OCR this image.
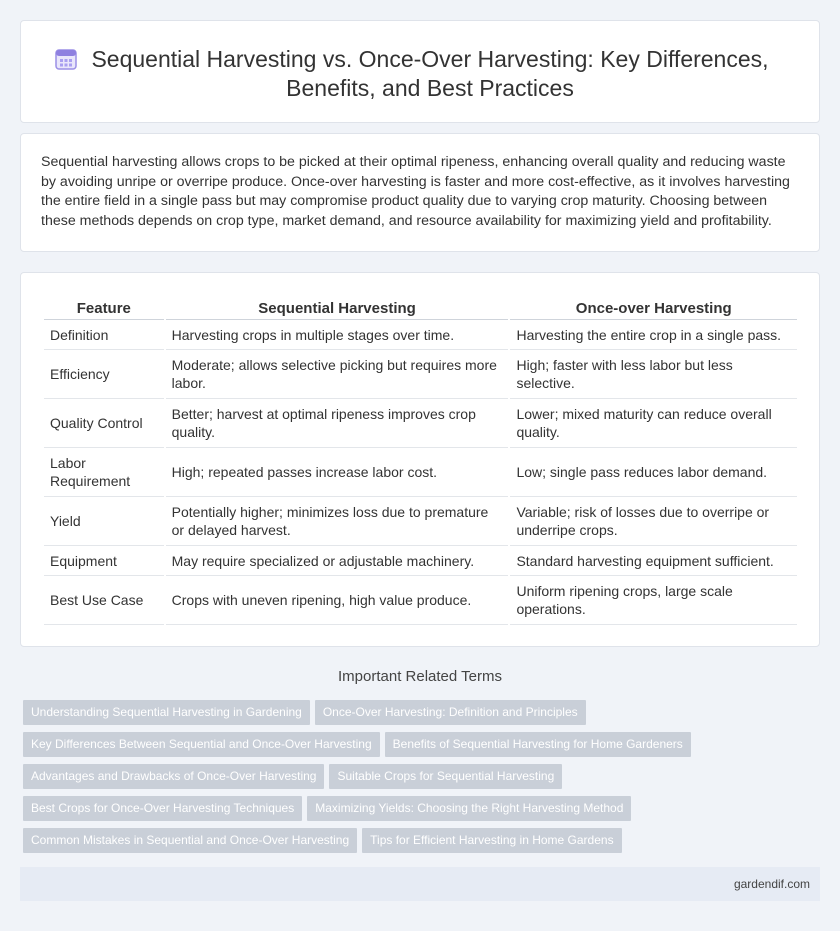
Sequential Harvesting vs. Once-Over Harvesting: Key Differences, Benefits, and Best Practices

Sequential harvesting allows crops to be picked at their optimal ripeness, enhancing overall quality and reducing waste by avoiding unripe or overripe produce. Once-over harvesting is faster and more cost-effective, as it involves harvesting the entire field in a single pass but may compromise product quality due to varying crop maturity. Choosing between these methods depends on crop type, market demand, and resource availability for maximizing yield and profitability.

Feature	Sequential Harvesting	Once-over Harvesting
Definition	Harvesting crops in multiple stages over time.	Harvesting the entire crop in a single pass.
Efficiency	Moderate; allows selective picking but requires more labor.	High; faster with less labor but less selective.
Quality Control	Better; harvest at optimal ripeness improves crop quality.	Lower; mixed maturity can reduce overall quality.
Labor Requirement	High; repeated passes increase labor cost.	Low; single pass reduces labor demand.
Yield	Potentially higher; minimizes loss due to premature or delayed harvest.	Variable; risk of losses due to overripe or underripe crops.
Equipment	May require specialized or adjustable machinery.	Standard harvesting equipment sufficient.
Best Use Case	Crops with uneven ripening, high value produce.	Uniform ripening crops, large scale operations.
Important Related Terms
Understanding Sequential Harvesting in Gardening Once-Over Harvesting: Definition and Principles
Key Differences Between Sequential and Once-Over Harvesting Benefits of Sequential Harvesting for Home Gardeners
Advantages and Drawbacks of Once-Over Harvesting Suitable Crops for Sequential Harvesting
Best Crops for Once-Over Harvesting Techniques Maximizing Yields: Choosing the Right Harvesting Method
Common Mistakes in Sequential and Once-Over Harvesting Tips for Efficient Harvesting in Home Gardens
gardendif.com
